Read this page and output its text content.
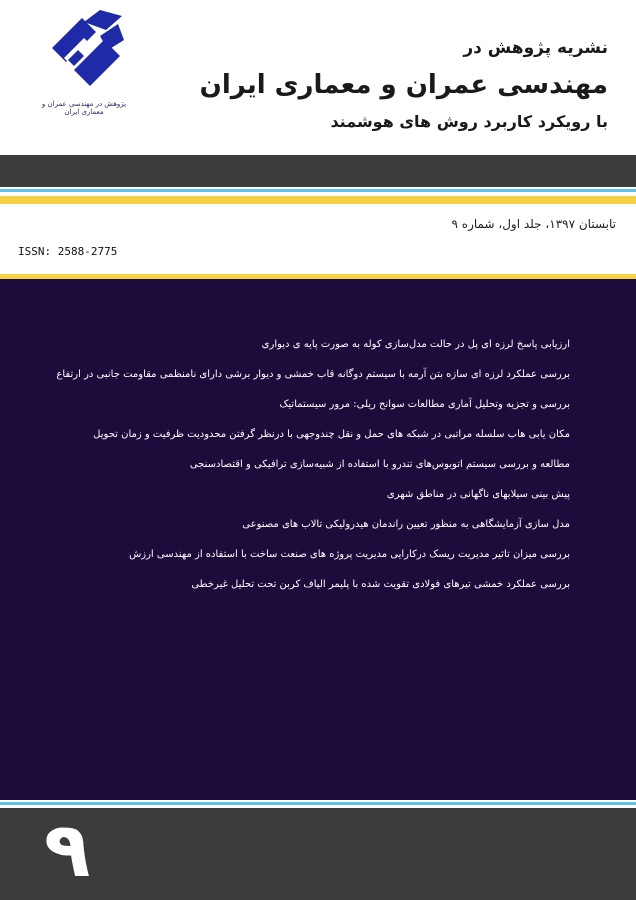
پژوهش در مهندسی عمران و معماری ایران
نشریه پژوهش در
مهندسی عمران و معماری ایران
با رویکرد کاربرد روش های هوشمند
تابستان ۱۳۹۷، جلد اول، شماره ۹
ISSN: 2588-2775
ارزیابی پاسخ لرزه ای پل در حالت مدل‌سازی کوله به صورت پایه ی دیواری
بررسی عملکرد لرزه ای سازه بتن آرمه با سیستم دوگانه قاب خمشی و دیوار برشی دارای نامنظمی مقاومت جانبی در ارتفاع
بررسی و تجزیه وتحلیل آماری مطالعات سوانح ریلی: مرور سیستماتیک
مکان یابی هاب سلسله مراتبی در شبکه های حمل و نقل چندوجهی با درنظر گرفتن محدودیت ظرفیت و زمان تحویل
مطالعه و بررسی سیستم اتوبوس‌های تندرو با استفاده از شبیه‌سازی ترافیکی و اقتصادسنجی
پیش بینی سیلابهای ناگهانی در مناطق شهری
مدل سازی آزمایشگاهی به منظور تعیین راندمان هیدرولیکی تالاب های مصنوعی
بررسی میزان تاثیر مدیریت ریسک درکارایی مدیریت پروژه های صنعت ساخت با استفاده از مهندسی ارزش
بررسی عملکرد خمشی تیرهای فولادی تقویت شده با پلیمر الیاف کربن تحت تحلیل غیرخطی
۹
